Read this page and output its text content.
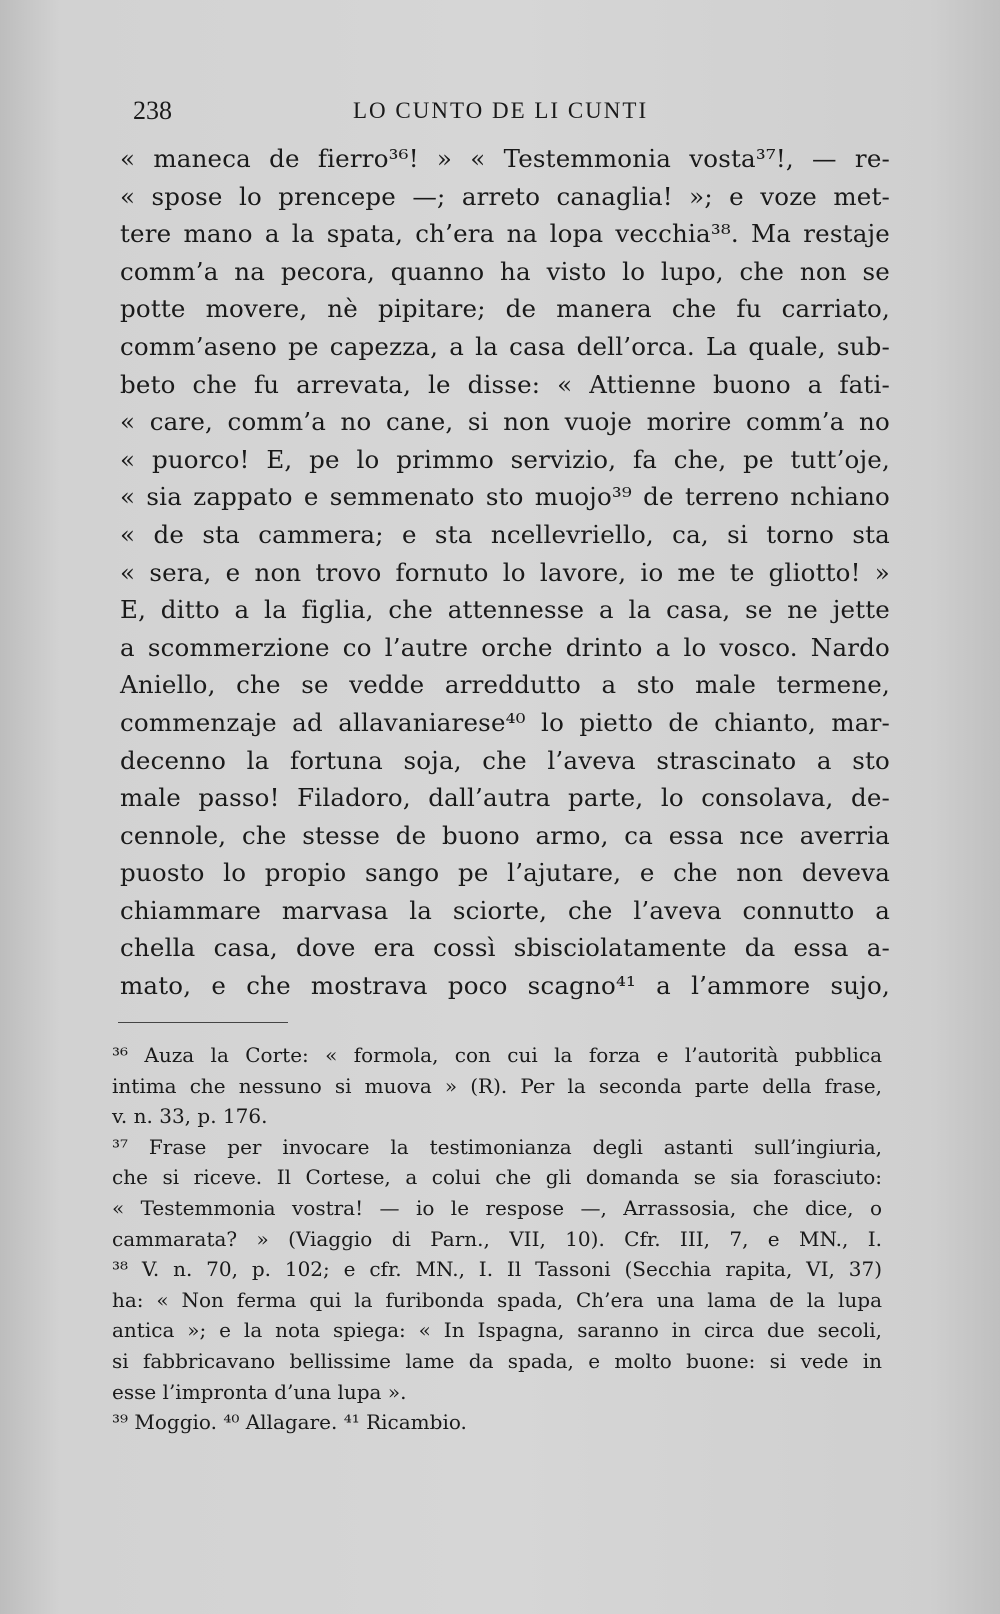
238	LO CUNTO DE LI CUNTI
« maneca de fierro³⁶! » « Testemmonia vosta³⁷!, — re-
« spose lo prencepe —; arreto canaglia! »; e voze met-
tere mano a la spata, ch’era na lopa vecchia³⁸. Ma restaje
comm’a na pecora, quanno ha visto lo lupo, che non se
potte movere, nè pipitare; de manera che fu carriato,
comm’aseno pe capezza, a la casa dell’orca. La quale, sub-
beto che fu arrevata, le disse: « Attienne buono a fati-
« care, comm’a no cane, si non vuoje morire comm’a no
« puorco! E, pe lo primmo servizio, fa che, pe tutt’oje,
« sia zappato e semmenato sto muojo³⁹ de terreno nchiano
« de sta cammera; e sta ncellevriello, ca, si torno sta
« sera, e non trovo fornuto lo lavore, io me te gliotto! »
E, ditto a la figlia, che attennesse a la casa, se ne jette
a scommerzione co l’autre orche drinto a lo vosco. Nardo
Aniello, che se vedde arreddutto a sto male termene,
commenzaje ad allavaniarese⁴⁰ lo pietto de chianto, mar-
decenno la fortuna soja, che l’aveva strascinato a sto
male passo! Filadoro, dall’autra parte, lo consolava, de-
cennole, che stesse de buono armo, ca essa nce averria
puosto lo propio sango pe l’ajutare, e che non deveva
chiammare marvasa la sciorte, che l’aveva connutto a
chella casa, dove era cossì sbisciolatamente da essa a-
mato, e che mostrava poco scagno⁴¹ a l’ammore sujo,
³⁶ Auza la Corte: « formola, con cui la forza e l’autorità pubblica
intima che nessuno si muova » (R). Per la seconda parte della frase,
v. n. 33, p. 176.
³⁷ Frase per invocare la testimonianza degli astanti sull’ingiuria,
che si riceve. Il Cortese, a colui che gli domanda se sia forasciuto:
« Testemmonia vostra! — io le respose —, Arrassosia, che dice, o
cammarata? » (Viaggio di Parn., VII, 10). Cfr. III, 7, e MN., I.
³⁸ V. n. 70, p. 102; e cfr. MN., I. Il Tassoni (Secchia rapita, VI, 37)
ha: « Non ferma qui la furibonda spada, Ch’era una lama de la lupa
antica »; e la nota spiega: « In Ispagna, saranno in circa due secoli,
si fabbricavano bellissime lame da spada, e molto buone: si vede in
esse l’impronta d’una lupa ».
³⁹ Moggio. ⁴⁰ Allagare. ⁴¹ Ricambio.
